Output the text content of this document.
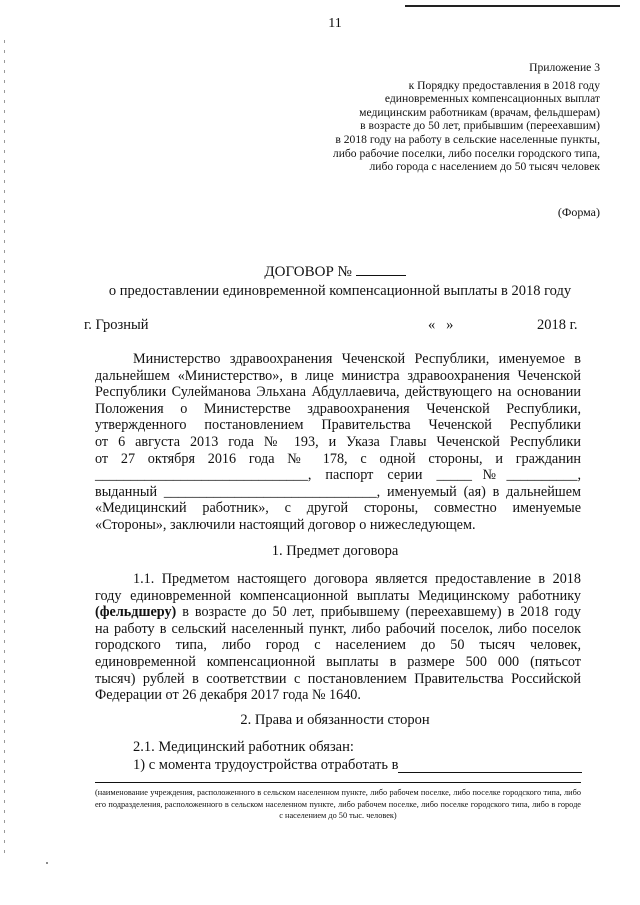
11
Приложение 3
к Порядку предоставления в 2018 году
единовременных компенсационных выплат
медицинским работникам (врачам, фельдшерам)
в возрасте до 50 лет, прибывшим (переехавшим)
в 2018 году на работу в сельские населенные пункты,
либо рабочие поселки, либо поселки городского типа,
либо города с населением до 50 тысяч человек
(Форма)
ДОГОВОР №
о предоставлении единовременной компенсационной выплаты в 2018 году
г. Грозный	«   »	2018 г.

Министерство здравоохранения Чеченской Республики, именуемое в

дальнейшем «Министерство», в лице министра здравоохранения Чеченской

Республики Сулейманова Эльхана Абдуллаевича, действующего на основании

Положения о Министерстве здравоохранения Чеченской Республики,

утвержденного постановлением Правительства Чеченской Республики

от 6 августа 2013 года № 193, и Указа Главы Чеченской Республики

от 27 октября 2016 года № 178, с одной стороны, и гражданин

______________________________, паспорт серии _____№__________,

выданный ______________________________, именуемый (ая) в дальнейшем

«Медицинский работник», с другой стороны, совместно именуемые

«Стороны», заключили настоящий договор о нижеследующем.

1. Предмет договора

1.1. Предметом настоящего договора является предоставление в 2018

году единовременной компенсационной выплаты Медицинскому работнику

(фельдшеру) в возрасте до 50 лет, прибывшему (переехавшему) в 2018 году

на работу в сельский населенный пункт, либо рабочий поселок, либо поселок

городского типа, либо город с населением до 50 тысяч человек,

единовременной компенсационной выплаты в размере 500 000 (пятьсот

тысяч) рублей в соответствии с постановлением Правительства Российской

Федерации от 26 декабря 2017 года № 1640.

2. Права и обязанности сторон
2.1. Медицинский работник обязан:
1) с момента трудоустройства отработать в
(наименование учреждения, расположенного в сельском населенном пункте, либо рабочем поселке, либо поселке городского типа, либо его подразделения, расположенного в сельском населенном пункте, либо рабочем поселке, либо поселке городского типа, либо в городе с населением до 50 тыс. человек)
